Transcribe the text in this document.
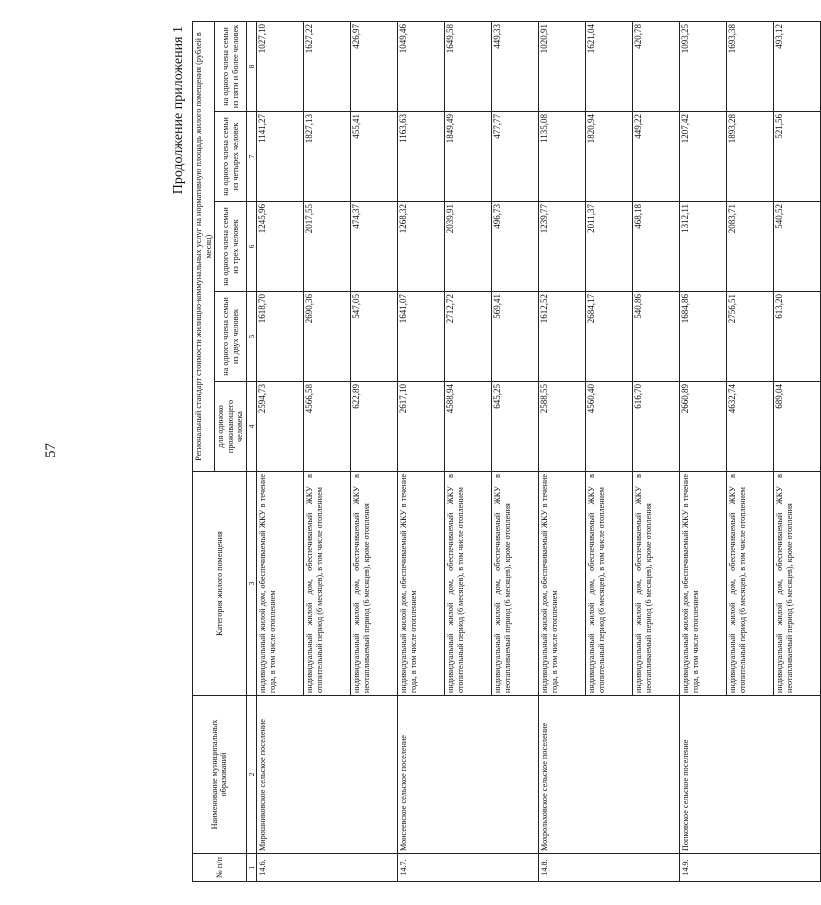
57
Продолжение приложения 1
№ п/п	Наименование муниципальных образований	Категория жилого помещения	Региональный стандарт стоимости жилищно-коммунальных услуг на нормативную площадь жилого помещения (рублей в месяц)				
			для одиноко проживающего человека	на одного члена семьи из двух человек	на одного члена семьи из трех человек	на одного члена семьи из четырех человек	на одного члена семьи из пяти и более человек
1	2	3	4	5	6	7	8
14.6.	Мирошниковское сельское поселение	индивидуальный жилой дом, обеспечиваемый ЖКУ в течение года, в том числе отоплением	2594,73	1618,70	1245,96	1141,27	1027,10
		индивидуальный жилой дом, обеспечиваемый ЖКУ в отопительный период (6 месяцев), в том числе отоплением	4566,58	2690,36	2017,55	1827,13	1627,22
		индивидуальный жилой дом, обеспечиваемый ЖКУ в неотапливаемый период (6 месяцев), кроме отопления	622,89	547,05	474,37	455,41	426,97
14.7.	Моисеевское сельское поселение	индивидуальный жилой дом, обеспечиваемый ЖКУ в течение года, в том числе отоплением	2617,10	1641,07	1268,32	1163,63	1049,46
		индивидуальный жилой дом, обеспечиваемый ЖКУ в отопительный период (6 месяцев), в том числе отоплением	4588,94	2712,72	2039,91	1849,49	1649,58
		индивидуальный жилой дом, обеспечиваемый ЖКУ в неотапливаемый период (6 месяцев), кроме отопления	645,25	569,41	496,73	477,77	449,33
14.8.	Мохрольховское сельское поселение	индивидуальный жилой дом, обеспечиваемый ЖКУ в течение года, в том числе отоплением	2588,55	1612,52	1239,77	1135,08	1020,91
		индивидуальный жилой дом, обеспечиваемый ЖКУ в отопительный период (6 месяцев), в том числе отоплением	4560,40	2684,17	2011,37	1820,94	1621,04
		индивидуальный жилой дом, обеспечиваемый ЖКУ в неотапливаемый период (6 месяцев), кроме отопления	616,70	540,86	468,18	449,22	420,78
14.9.	Попковское сельское поселение	индивидуальный жилой дом, обеспечиваемый ЖКУ в течение года, в том числе отоплением	2660,89	1684,86	1312,11	1207,42	1093,25
		индивидуальный жилой дом, обеспечиваемый ЖКУ в отопительный период (6 месяцев), в том числе отоплением	4632,74	2756,51	2083,71	1893,28	1693,38
		индивидуальный жилой дом, обеспечиваемый ЖКУ в неотапливаемый период (6 месяцев), кроме отопления	689,04	613,20	540,52	521,56	493,12
